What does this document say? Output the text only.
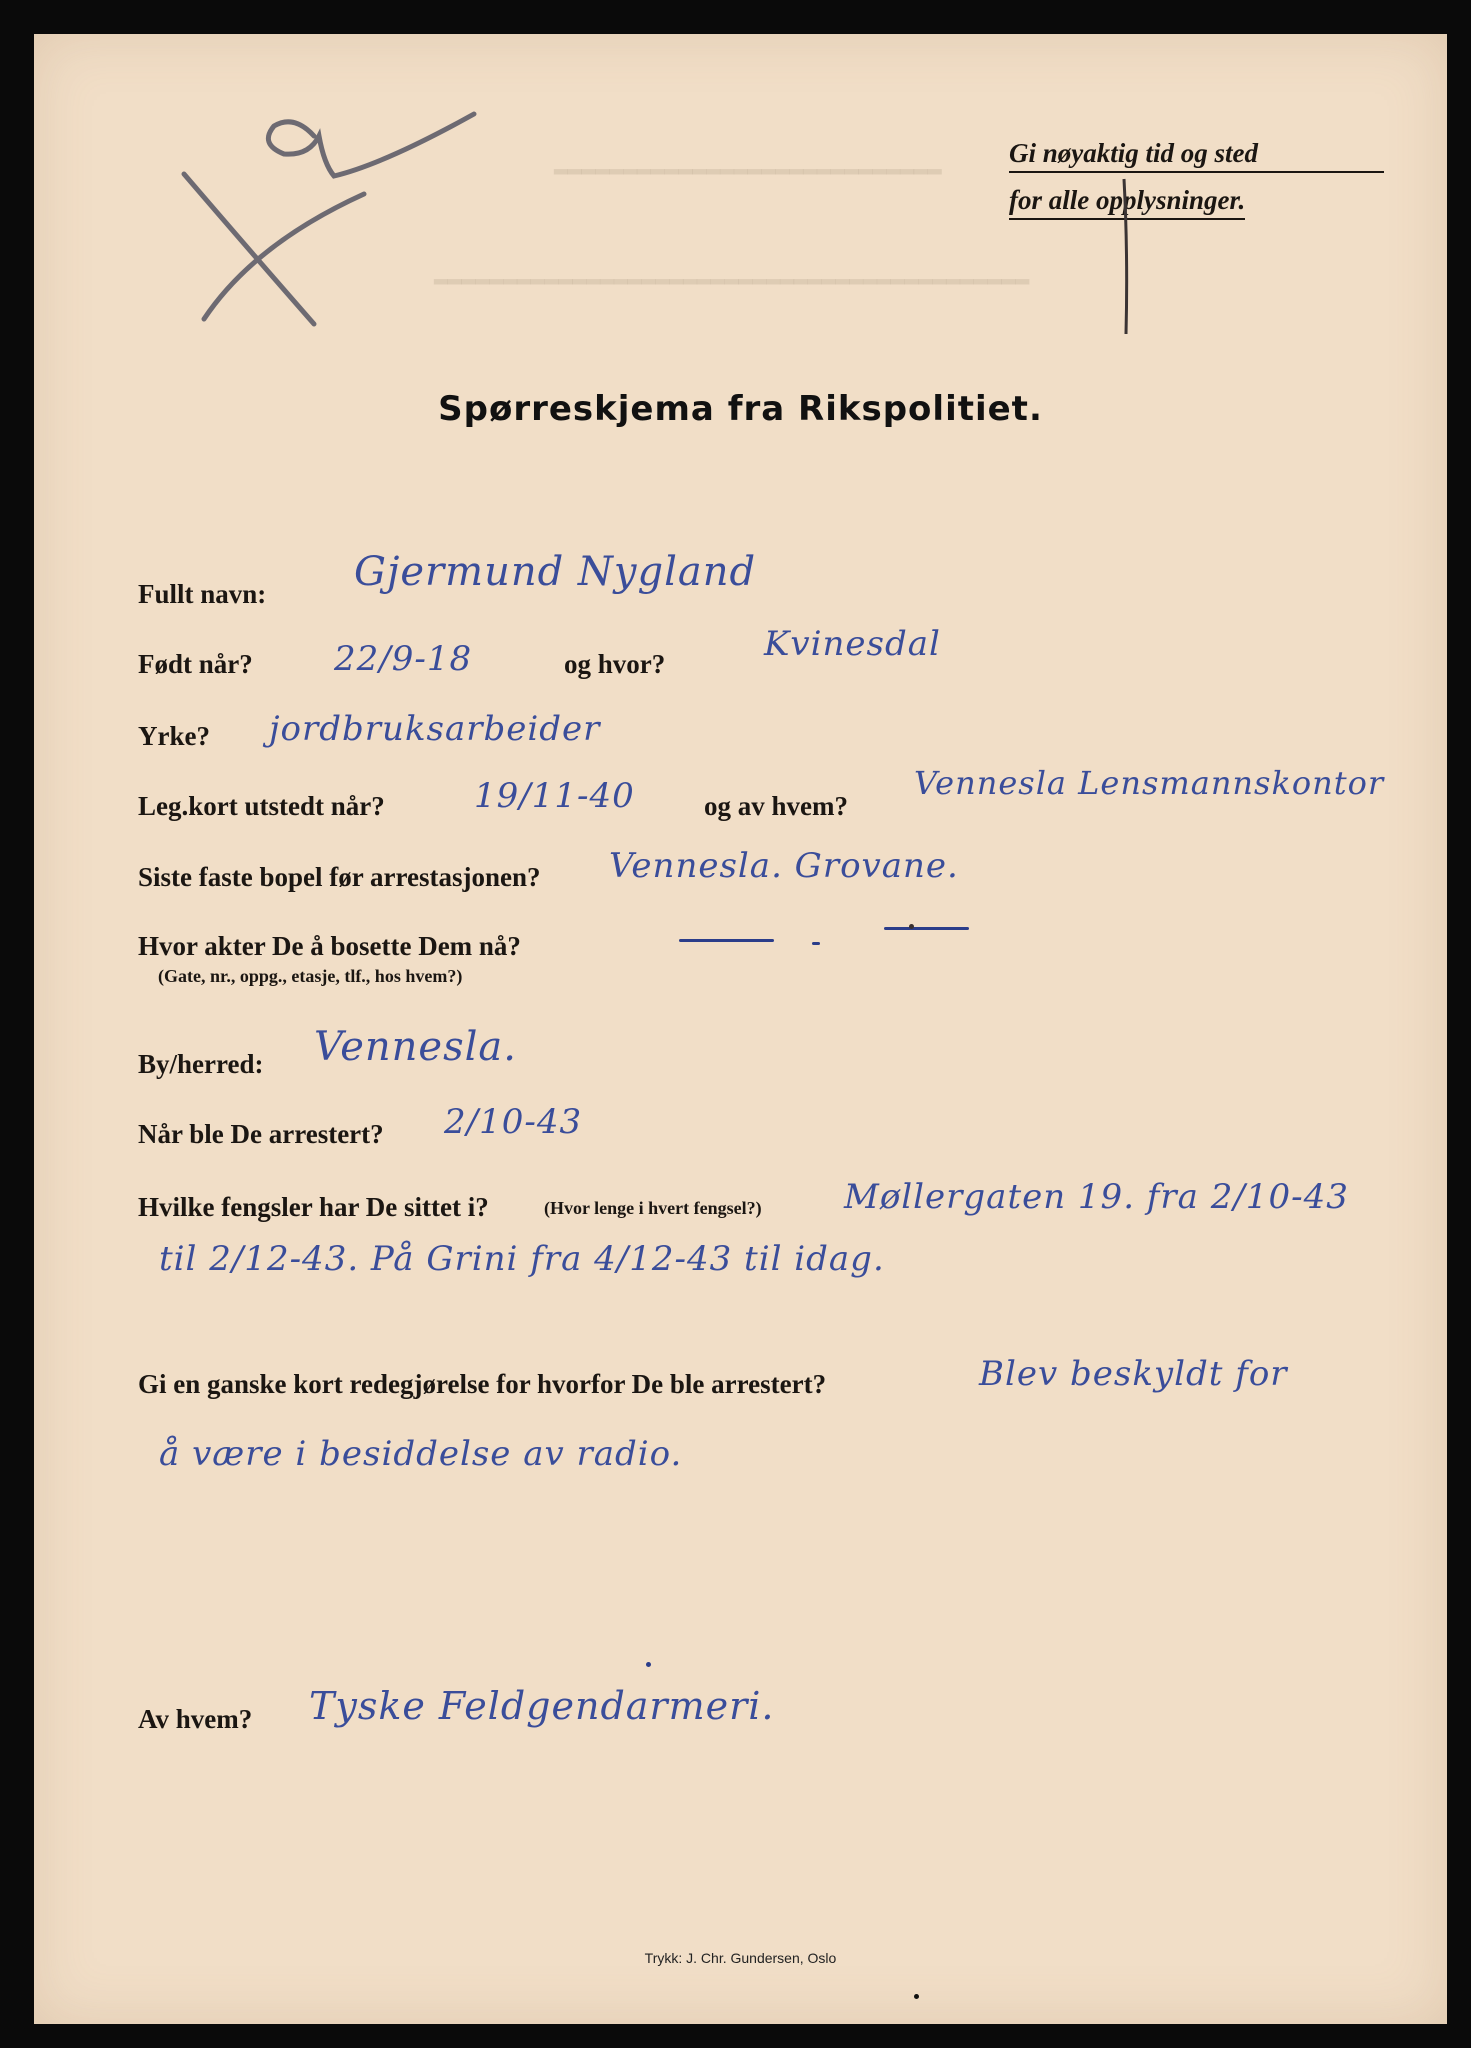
Gi nøyaktig tid og sted
for alle opplysninger.
▂▂▂▂▂▂▂▂▂▂▂▂▂▂▂▂▂▂▂▂▂▂▂▂▂▂▂▂
▂▂▂▂▂▂▂▂▂▂▂▂▂▂▂▂▂▂▂▂▂▂▂▂▂▂▂▂▂▂▂▂▂▂▂▂▂▂▂▂▂▂▂
Spørreskjema fra Rikspolitiet.
Fullt navn: Gjermund Nygland
Født når? 22/9-18	og hvor?	Kvinesdal
Yrke? jordbruksarbeider
Leg.kort utstedt når?	19/11-40	og av hvem?
Vennesla Lensmannskontor
Siste faste bopel før arrestasjonen? Vennesla. Grovane.
Hvor akter De å bosette Dem nå?
(Gate, nr., oppg., etasje, tlf., hos hvem?)
By/herred: Vennesla.
Når ble De arrestert? 2/10-43
Hvilke fengsler har De sittet i?	(Hvor lenge i hvert fengsel?) Møllergaten 19. fra 2/10-43
til 2/12-43. På Grini fra 4/12-43 til idag.
Gi en ganske kort redegjørelse for hvorfor De ble arrestert?	Blev beskyldt for
å være i besiddelse av radio.
Av hvem? Tyske Feldgendarmeri.
Trykk: J. Chr. Gundersen, Oslo
